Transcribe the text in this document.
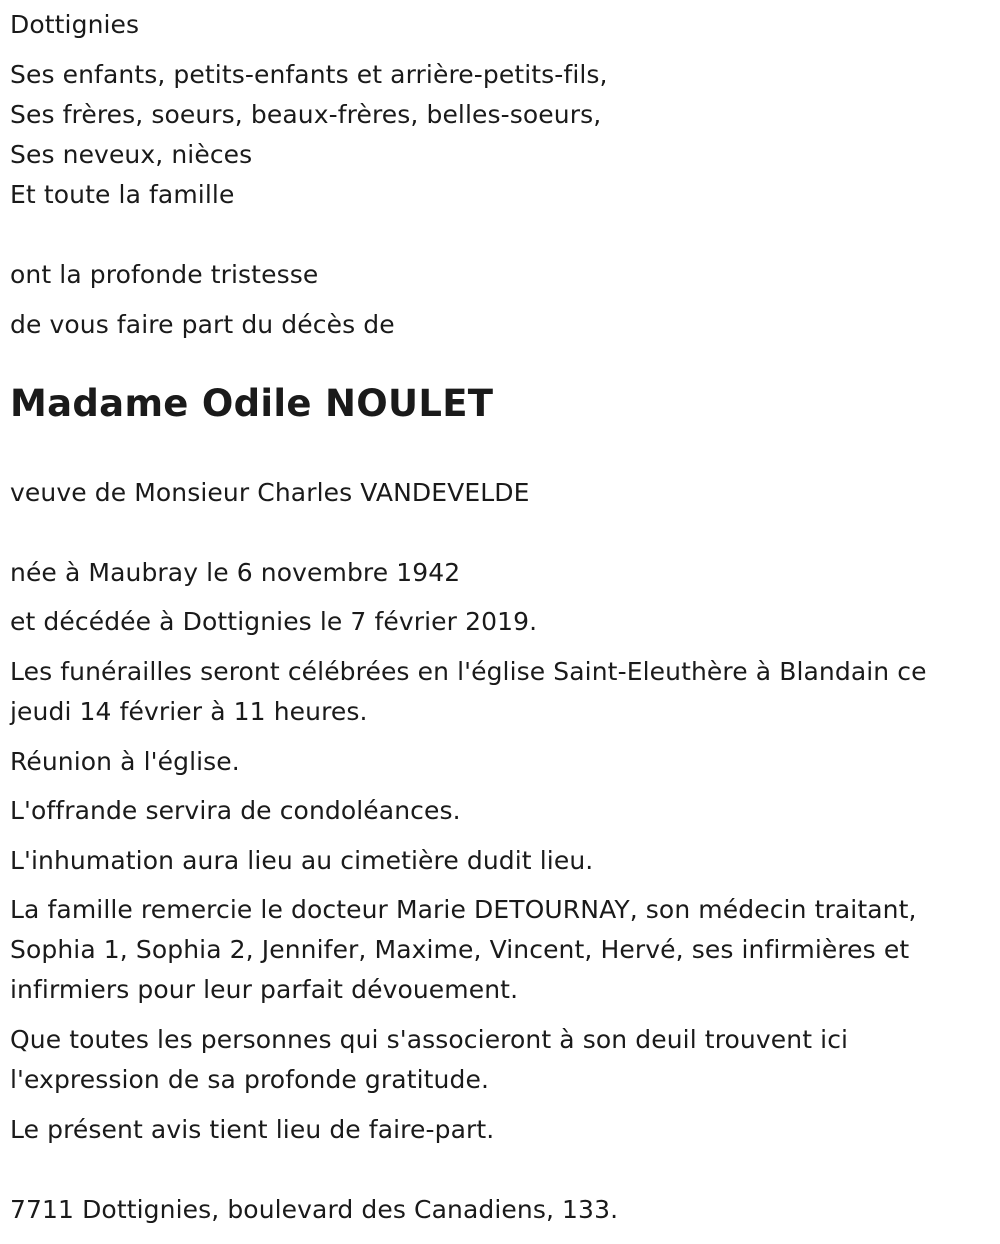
Dottignies
Ses enfants, petits-enfants et arrière-petits-fils,
Ses frères, soeurs, beaux-frères, belles-soeurs,
Ses neveux, nièces
Et toute la famille
ont la profonde tristesse
de vous faire part du décès de
Madame Odile NOULET
veuve de Monsieur Charles VANDEVELDE
née à Maubray le 6 novembre 1942
et décédée à Dottignies le 7 février 2019.
Les funérailles seront célébrées en l'église Saint-Eleuthère à Blandain ce jeudi 14 février à 11 heures.
Réunion à l'église.
L'offrande servira de condoléances.
L'inhumation aura lieu au cimetière dudit lieu.
La famille remercie le docteur Marie DETOURNAY, son médecin traitant, Sophia 1, Sophia 2, Jennifer, Maxime, Vincent, Hervé, ses infirmières et infirmiers pour leur parfait dévouement.
Que toutes les personnes qui s'associeront à son deuil trouvent ici l'expression de sa profonde gratitude.
Le présent avis tient lieu de faire-part.
7711 Dottignies, boulevard des Canadiens, 133.
